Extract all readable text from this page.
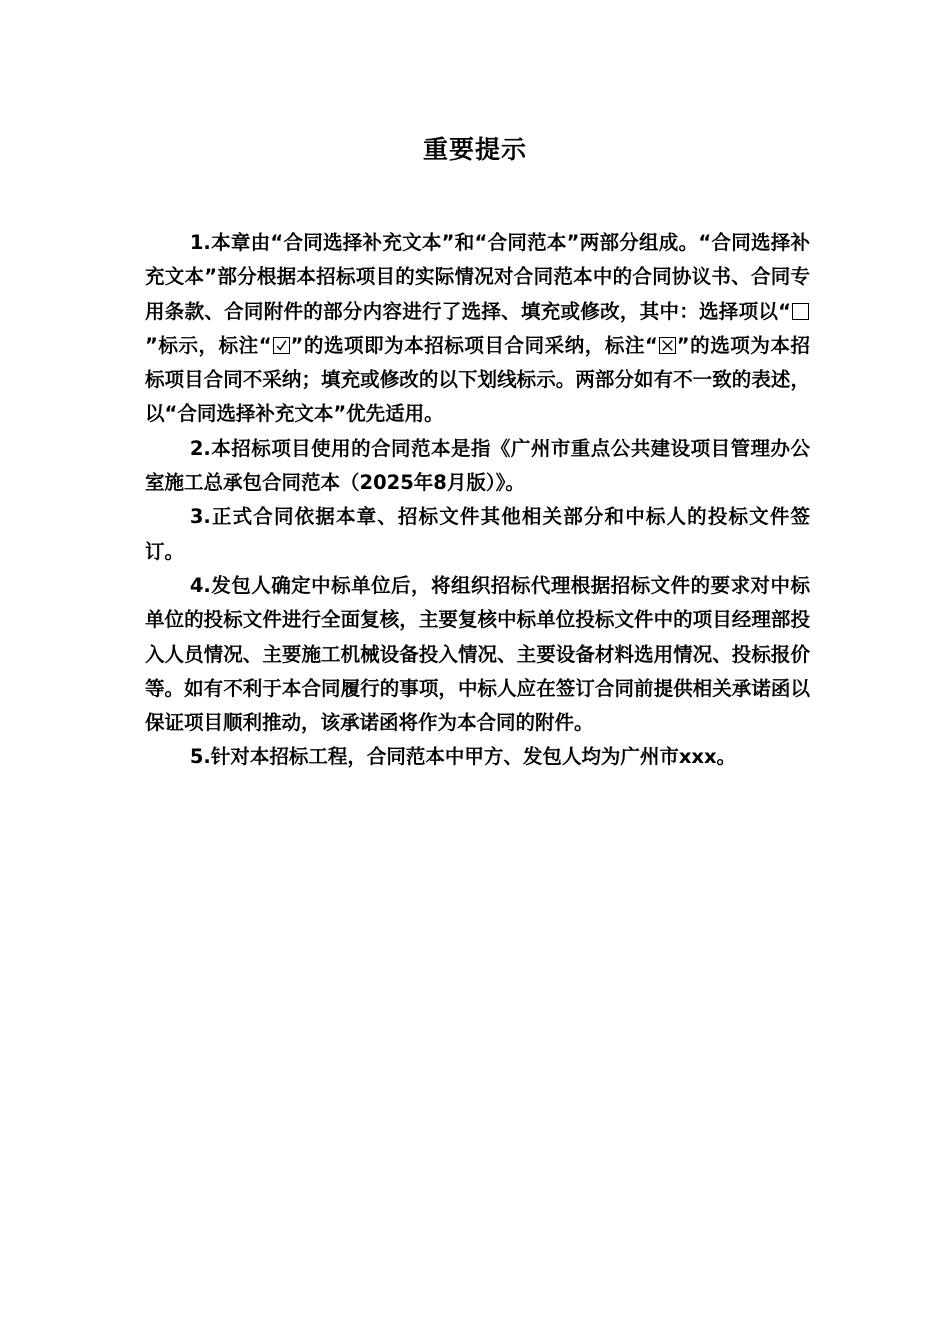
重要提示

1.本章由“合同选择补充文本”和“合同范本”两部分组成。“合同选择补充文本”部分根据本招标项目的实际情况对合同范本中的合同协议书、合同专用条款、合同附件的部分内容进行了选择、填充或修改，其中：选择项以“”标示，标注“ ”的选项即为本招标项目合同采纳，标注“ ”的选项为本招标项目合同不采纳；填充或修改的以下划线标示。两部分如有不一致的表述，以“合同选择补充文本”优先适用。

2.本招标项目使用的合同范本是指《广州市重点公共建设项目管理办公室施工总承包合同范本（2025年8月版）》。

3.正式合同依据本章、招标文件其他相关部分和中标人的投标文件签订。

4.发包人确定中标单位后，将组织招标代理根据招标文件的要求对中标单位的投标文件进行全面复核，主要复核中标单位投标文件中的项目经理部投入人员情况、主要施工机械设备投入情况、主要设备材料选用情况、投标报价等。如有不利于本合同履行的事项，中标人应在签订合同前提供相关承诺函以保证项目顺利推动，该承诺函将作为本合同的附件。

5.针对本招标工程，合同范本中甲方、发包人均为广州市xxx。
